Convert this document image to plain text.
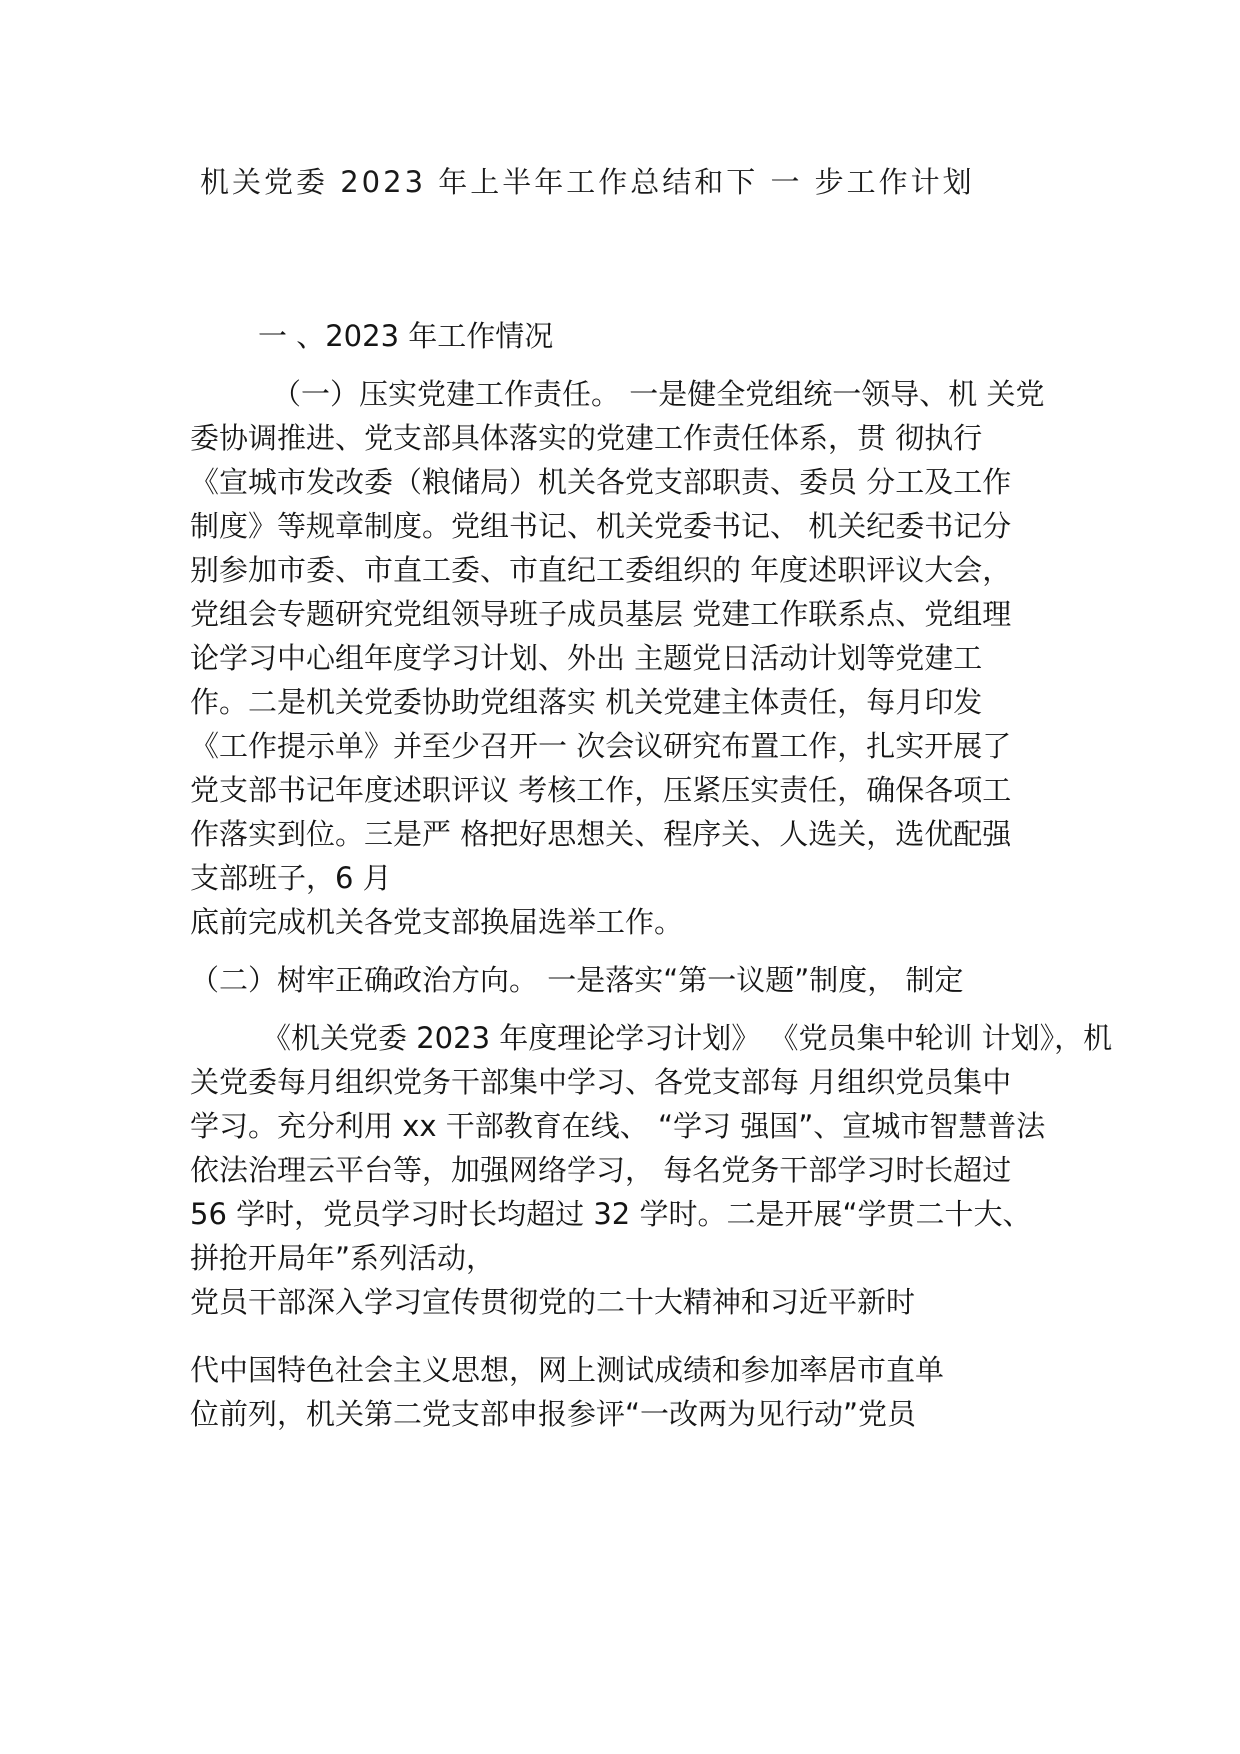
机关党委 2023 年上半年工作总结和下 一 步工作计划
一 、2023 年工作情况
（一）压实党建工作责任。 一是健全党组统一领导、机 关党
委协调推进、党支部具体落实的党建工作责任体系，贯 彻执行
《宣城市发改委（粮储局）机关各党支部职责、委员 分工及工作
制度》等规章制度。党组书记、机关党委书记、 机关纪委书记分
别参加市委、市直工委、市直纪工委组织的 年度述职评议大会，
党组会专题研究党组领导班子成员基层 党建工作联系点、党组理
论学习中心组年度学习计划、外出 主题党日活动计划等党建工
作。二是机关党委协助党组落实 机关党建主体责任，每月印发
《工作提示单》并至少召开一 次会议研究布置工作，扎实开展了
党支部书记年度述职评议 考核工作，压紧压实责任，确保各项工
作落实到位。三是严 格把好思想关、程序关、人选关，选优配强
支部班子，6 月
底前完成机关各党支部换届选举工作。
（二）树牢正确政治方向。 一是落实“第一议题”制度， 制定
《机关党委 2023 年度理论学习计划》 《党员集中轮训 计划》，机
关党委每月组织党务干部集中学习、各党支部每 月组织党员集中
学习。充分利用 xx 干部教育在线、 “学习 强国”、宣城市智慧普法
依法治理云平台等，加强网络学习， 每名党务干部学习时长超过
56 学时，党员学习时长均超过 32 学时。二是开展“学贯二十大、
拼抢开局年”系列活动，
党员干部深入学习宣传贯彻党的二十大精神和习近平新时
代中国特色社会主义思想，网上测试成绩和参加率居市直单
位前列，机关第二党支部申报参评“一改两为见行动”党员
